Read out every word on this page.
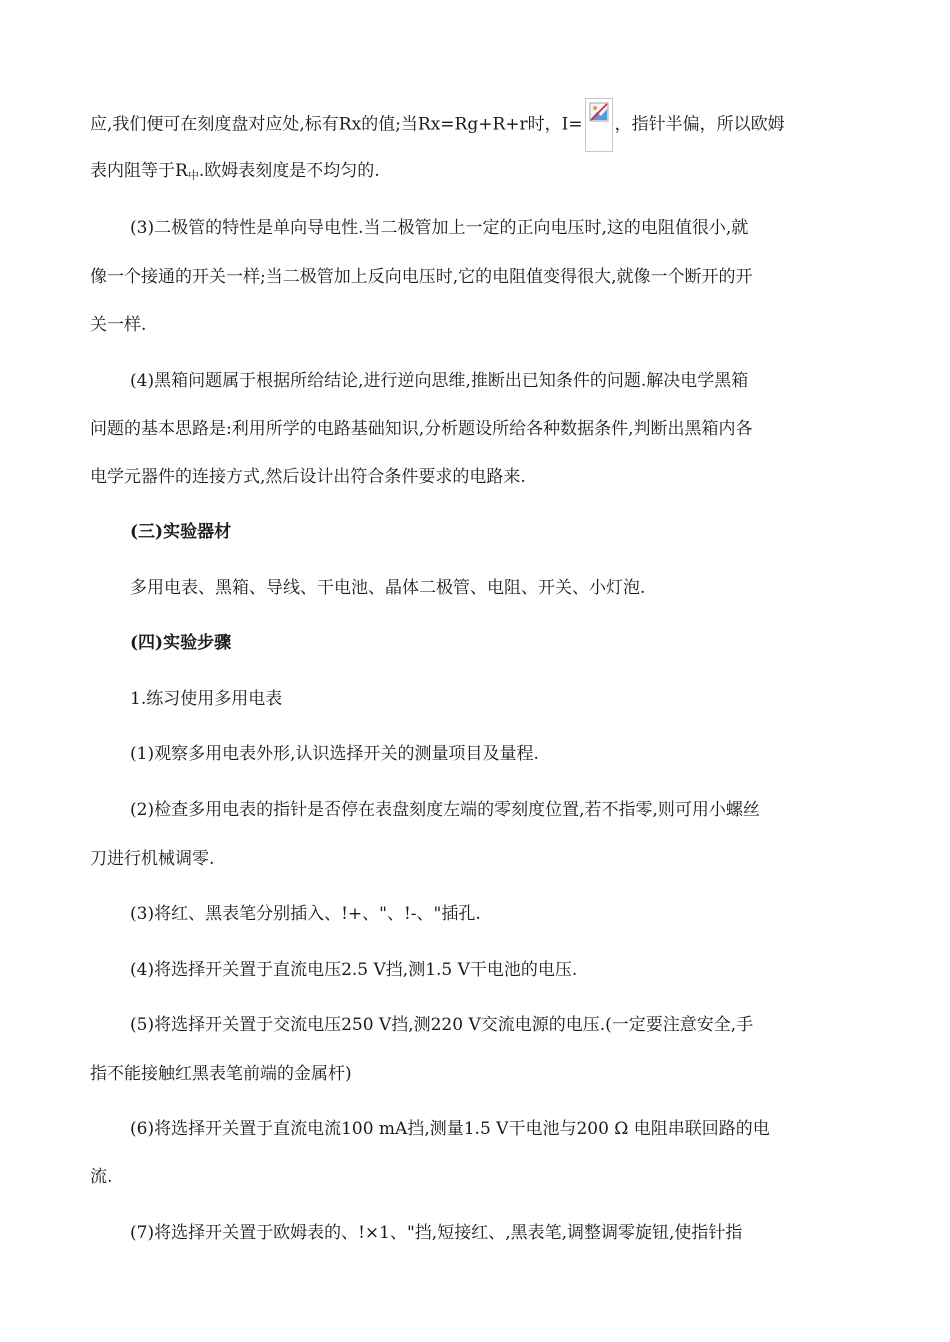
应,我们便可在刻度盘对应处,标有Rx的值;当Rx=Rg+R+r时，I= ，指针半偏，所以欧姆
表内阻等于R中.欧姆表刻度是不均匀的.
(3)二极管的特性是单向导电性.当二极管加上一定的正向电压时,这的电阻值很小,就
像一个接通的开关一样;当二极管加上反向电压时,它的电阻值变得很大,就像一个断开的开
关一样.
(4)黑箱问题属于根据所给结论,进行逆向思维,推断出已知条件的问题.解决电学黑箱
问题的基本思路是:利用所学的电路基础知识,分析题设所给各种数据条件,判断出黑箱内各
电学元器件的连接方式,然后设计出符合条件要求的电路来.
(三)实验器材
多用电表、黑箱、导线、干电池、晶体二极管、电阻、开关、小灯泡.
(四)实验步骤
1.练习使用多用电表
(1)观察多用电表外形,认识选择开关的测量项目及量程.
(2)检查多用电表的指针是否停在表盘刻度左端的零刻度位置,若不指零,则可用小螺丝
刀进行机械调零.
(3)将红、黑表笔分别插入、!+、"、!-、"插孔.
(4)将选择开关置于直流电压2.5 V挡,测1.5 V干电池的电压.
(5)将选择开关置于交流电压250 V挡,测220 V交流电源的电压.(一定要注意安全,手
指不能接触红黑表笔前端的金属杆)
(6)将选择开关置于直流电流100 mA挡,测量1.5 V干电池与200 Ω 电阻串联回路的电
流.
(7)将选择开关置于欧姆表的、!×1、"挡,短接红、,黑表笔,调整调零旋钮,使指针指
